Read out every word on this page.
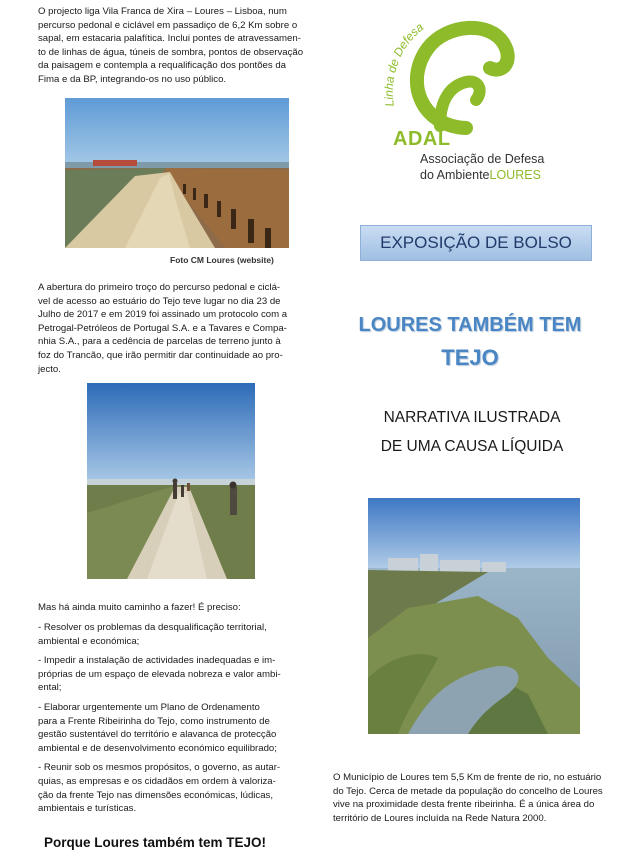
O projecto liga Vila Franca de Xira – Loures – Lisboa, num
percurso pedonal e ciclável em passadiço de 6,2 Km sobre o
sapal, em estacaria palafítica. Inclui pontes de atravessamen-
to de linhas de água, túneis de sombra, pontos de observação
da paisagem e contempla a requalificação dos pontões da
Fima e da BP, integrando-os no uso público.
Foto CM Loures (website)
A abertura do primeiro troço do percurso pedonal e ciclá-
vel de acesso ao estuário do Tejo teve lugar no dia 23 de
Julho de 2017 e em 2019 foi assinado um protocolo com a
Petrogal-Petróleos de Portugal S.A. e a Tavares e Compa-
nhia S.A., para a cedência de parcelas de terreno junto à
foz do Trancão, que irão permitir dar continuidade ao pro-
jecto.
Mas há ainda muito caminho a fazer! É preciso:
- Resolver os problemas da desqualificação territorial,
ambiental e económica;
- Impedir a instalação de actividades inadequadas e im-
próprias de um espaço de elevada nobreza e valor ambi-
ental;
- Elaborar urgentemente um Plano de Ordenamento
para a Frente Ribeirinha do Tejo, como instrumento de
gestão sustentável do território e alavanca de protecção
ambiental e de desenvolvimento económico equilibrado;
- Reunir sob os mesmos propósitos, o governo, as autar-
quias, as empresas e os cidadãos em ordem à valoriza-
ção da frente Tejo nas dimensões económicas, lúdicas,
ambientais e turísticas.
Porque Loures também tem TEJO!
Linha de Defesa
ADAL
Associação de Defesa
do AmbienteLOURES
EXPOSIÇÃO DE BOLSO
LOURES TAMBÉM TEM
TEJO
NARRATIVA ILUSTRADA
DE UMA CAUSA LÍQUIDA
O Município de Loures tem 5,5 Km de frente de rio, no estuário
do Tejo. Cerca de metade da população do concelho de Loures
vive na proximidade desta frente ribeirinha. É a única área do
território de Loures incluída na Rede Natura 2000.
